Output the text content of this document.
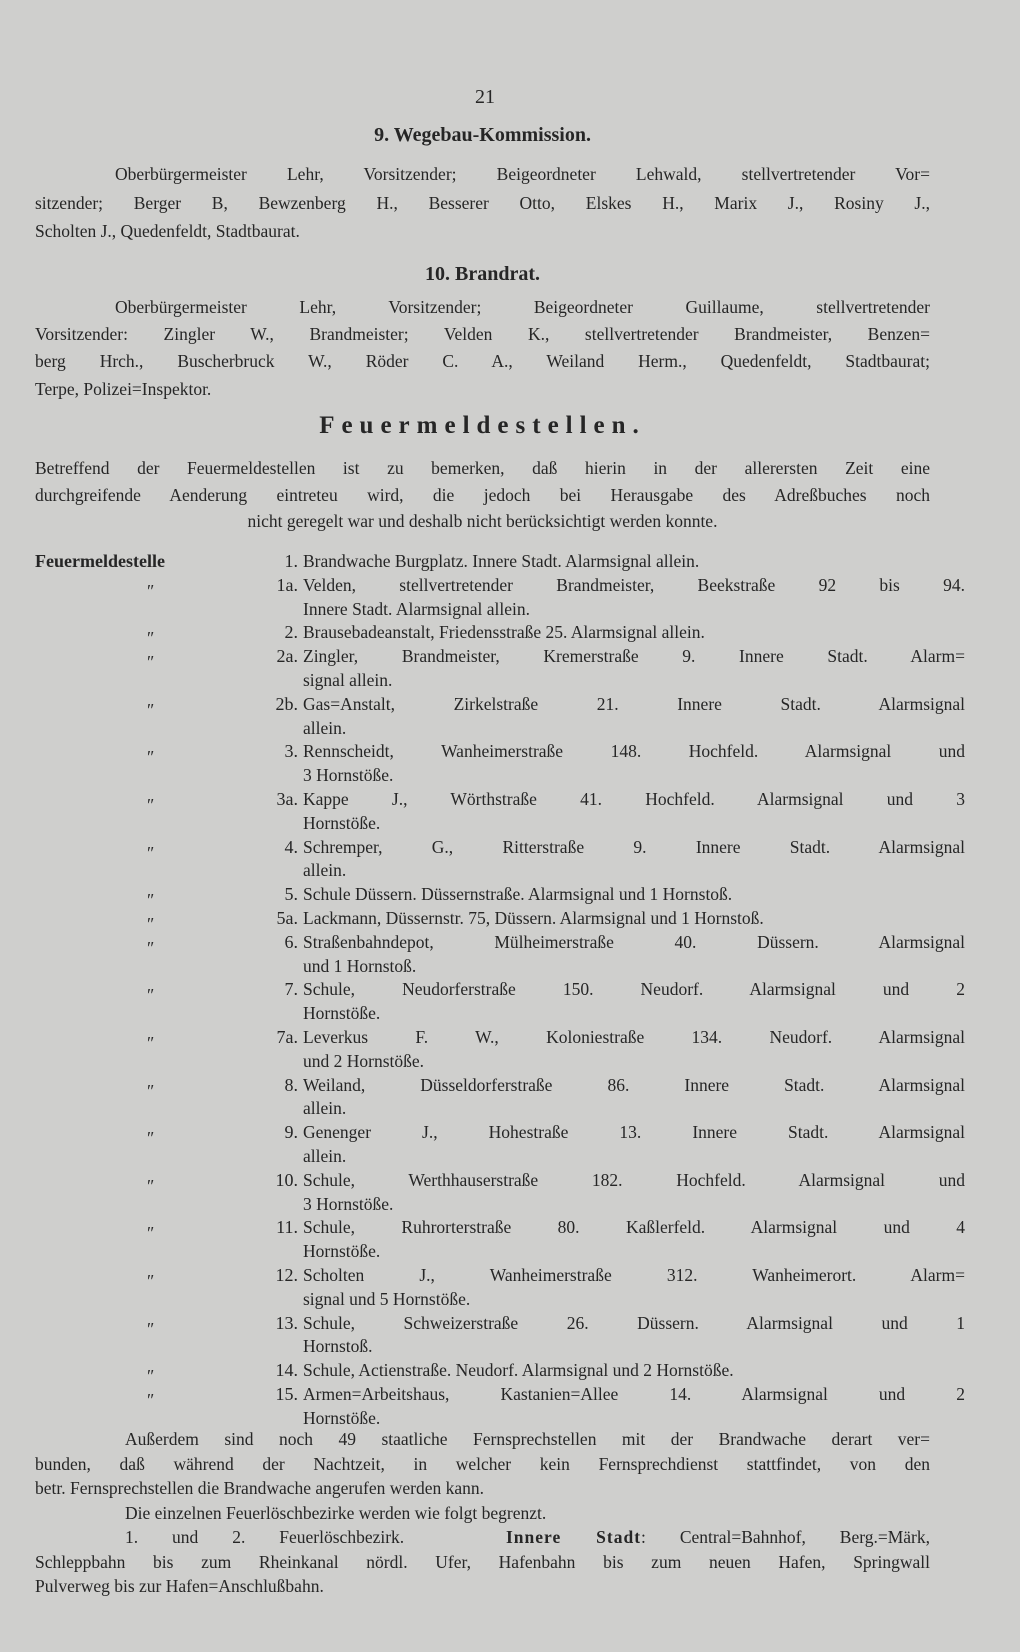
21
9. Wegebau-Kommission.
Oberbürgermeister Lehr, Vorsitzender; Beigeordneter Lehwald, stellvertretender Vor=
sitzender; Berger B, Bewzenberg H., Besserer Otto, Elskes H., Marix J., Rosiny J.,
Scholten J., Quedenfeldt, Stadtbaurat.
10. Brandrat.
Oberbürgermeister Lehr, Vorsitzender; Beigeordneter Guillaume, stellvertretender
Vorsitzender: Zingler W., Brandmeister; Velden K., stellvertretender Brandmeister, Benzen=
berg Hrch., Buscherbruck W., Röder C. A., Weiland Herm., Quedenfeldt, Stadtbaurat;
Terpe, Polizei=Inspektor.
Feuermeldestellen.
Betreffend der Feuermeldestellen ist zu bemerken, daß hierin in der allerersten Zeit eine
durchgreifende Aenderung eintreteu wird, die jedoch bei Herausgabe des Adreßbuches noch
nicht geregelt war und deshalb nicht berücksichtigt werden konnte.
Feuermeldestelle	1. Brandwache Burgplatz. Innere Stadt. Alarmsignal allein.
″	1a. Velden, stellvertretender Brandmeister, Beekstraße 92 bis 94.
Innere Stadt. Alarmsignal allein.
″	2. Brausebadeanstalt, Friedensstraße 25. Alarmsignal allein.
″	2a. Zingler, Brandmeister, Kremerstraße 9. Innere Stadt. Alarm=
signal allein.
″	2b. Gas=Anstalt, Zirkelstraße 21. Innere Stadt. Alarmsignal
allein.
″	3. Rennscheidt, Wanheimerstraße 148. Hochfeld. Alarmsignal und
3 Hornstöße.
″	3a. Kappe J., Wörthstraße 41. Hochfeld. Alarmsignal und 3
Hornstöße.
″	4. Schremper, G., Ritterstraße 9. Innere Stadt. Alarmsignal
allein.
″	5. Schule Düssern. Düssernstraße. Alarmsignal und 1 Hornstoß.
″	5a. Lackmann, Düssernstr. 75, Düssern. Alarmsignal und 1 Hornstoß.
″	6. Straßenbahndepot, Mülheimerstraße 40. Düssern. Alarmsignal
und 1 Hornstoß.
″	7. Schule, Neudorferstraße 150. Neudorf. Alarmsignal und 2
Hornstöße.
″	7a. Leverkus F. W., Koloniestraße 134. Neudorf. Alarmsignal
und 2 Hornstöße.
″	8. Weiland, Düsseldorferstraße 86. Innere Stadt. Alarmsignal
allein.
″	9. Genenger J., Hohestraße 13. Innere Stadt. Alarmsignal
allein.
″	10. Schule, Werthhauserstraße 182. Hochfeld. Alarmsignal und
3 Hornstöße.
″	11. Schule, Ruhrorterstraße 80. Kaßlerfeld. Alarmsignal und 4
Hornstöße.
″	12. Scholten J., Wanheimerstraße 312. Wanheimerort. Alarm=
signal und 5 Hornstöße.
″	13. Schule, Schweizerstraße 26. Düssern. Alarmsignal und 1
Hornstoß.
″	14. Schule, Actienstraße. Neudorf. Alarmsignal und 2 Hornstöße.
″	15. Armen=Arbeitshaus, Kastanien=Allee 14. Alarmsignal und 2
Hornstöße.
Außerdem sind noch 49 staatliche Fernsprechstellen mit der Brandwache derart ver=
bunden, daß während der Nachtzeit, in welcher kein Fernsprechdienst stattfindet, von den
betr. Fernsprechstellen die Brandwache angerufen werden kann.
Die einzelnen Feuerlöschbezirke werden wie folgt begrenzt.
1. und 2. Feuerlöschbezirk.	Innere Stadt: Central=Bahnhof, Berg.=Märk,
Schleppbahn bis zum Rheinkanal nördl. Ufer, Hafenbahn bis zum neuen Hafen, Springwall
Pulverweg bis zur Hafen=Anschlußbahn.
